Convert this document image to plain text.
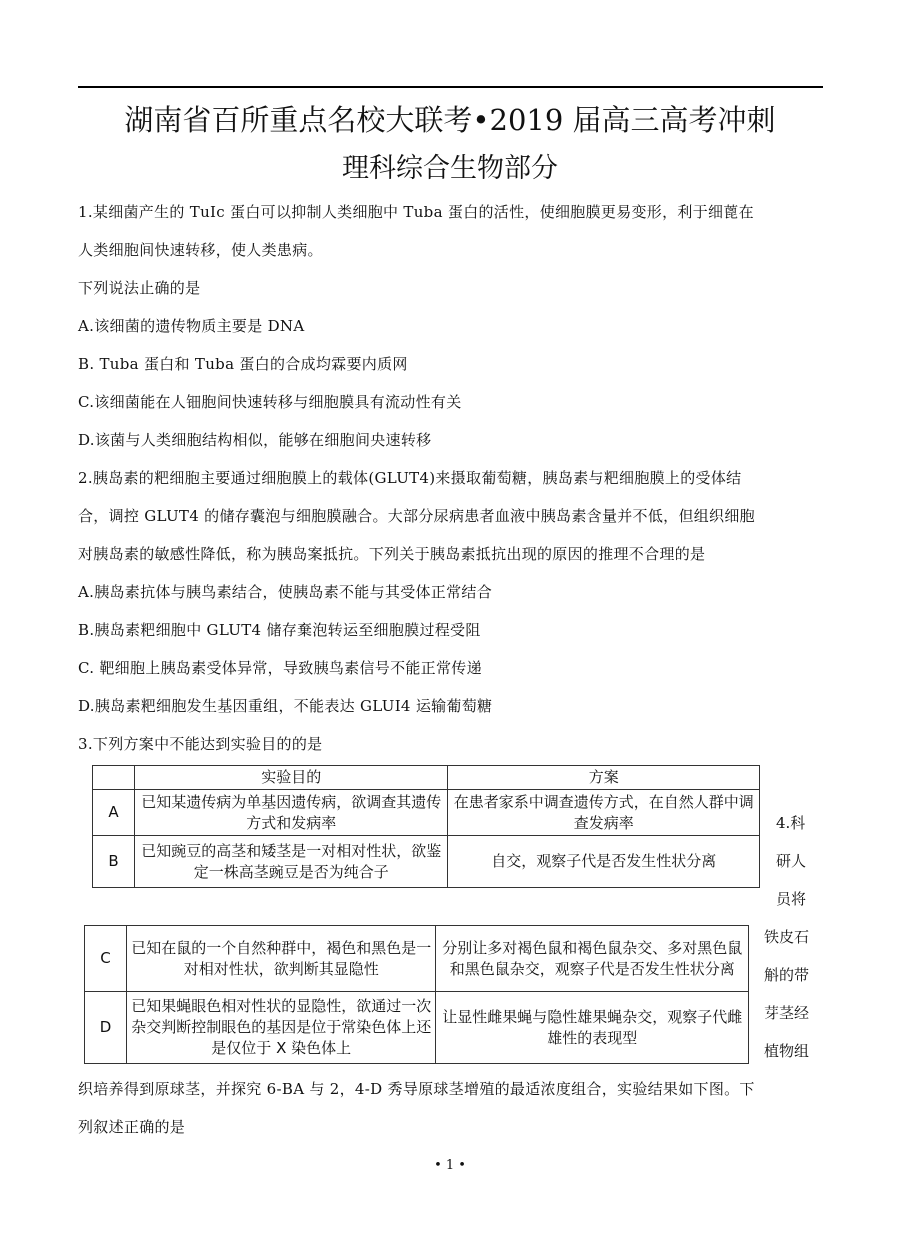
湖南省百所重点名校大联考•2019 届高三高考冲刺
理科综合生物部分
1.某细菌产生的 TuIc 蛋白可以抑制人类细胞中 Tuba 蛋白的活性，使细胞膜更易变形，利于细蓖在
人类细胞间快速转移，使人类患病。
下列说法止确的是
A.该细菌的遗传物质主要是 DNA
B. Tuba 蛋白和 Tuba 蛋白的合成均霖要内质网
C.该细菌能在人钿胞间快速转移与细胞膜具有流动性有关
D.该菌与人类细胞结构相似，能够在细胞间央速转移
2.胰岛素的粑细胞主要通过细胞膜上的载体(GLUT4)来摄取葡萄糖，胰岛素与粑细胞膜上的受体结
合，调控 GLUT4 的储存囊泡与细胞膜融合。大部分尿病患者血液中胰岛素含量并不低，但组织细胞
对胰岛素的敏感性降低，称为胰岛案抵抗。下列关于胰岛素抵抗出现的原因的推理不合理的是
A.胰岛素抗体与胰鸟素结合，使胰岛素不能与其受体正常结合
B.胰岛素粑细胞中 GLUT4 储存棄泡转运至细胞膜过程受阻
C. 靶细胞上胰岛素受体异常，导致胰鸟素信号不能正常传递
D.胰岛素粑细胞发生基因重组，不能表达 GLUI4 运输葡萄糖
3.下列方案中不能达到实验目的的是
	实验目的	方案
A	已知某遗传病为单基因遗传病，欲调查其遗传方式和发病率	在患者家系中调查遗传方式，在自然人群中调查发病率
B	已知豌豆的高茎和矮茎是一对相对性状，欲鉴定一株高茎豌豆是否为纯合子	自交，观察子代是否发生性状分离
C	已知在鼠的一个自然种群中，褐色和黑色是一对相对性状，欲判断其显隐性	分别让多对褐色鼠和褐色鼠杂交、多对黑色鼠和黑色鼠杂交，观察子代是否发生性状分离
D	已知果蝇眼色相对性状的显隐性，欲通过一次杂交判断控制眼色的基因是位于常染色体上还是仅位于 X 染色体上	让显性雌果蝇与隐性雄果蝇杂交，观察子代雌雄性的表现型
4.科
研人
员将
铁皮石
斛的带
芽茎经
植物组
织培养得到原球茎，并探究 6-BA 与 2，4-D 秀导原球茎增殖的最适浓度组合，实验结果如下图。下
列叙述正确的是
• 1 •
